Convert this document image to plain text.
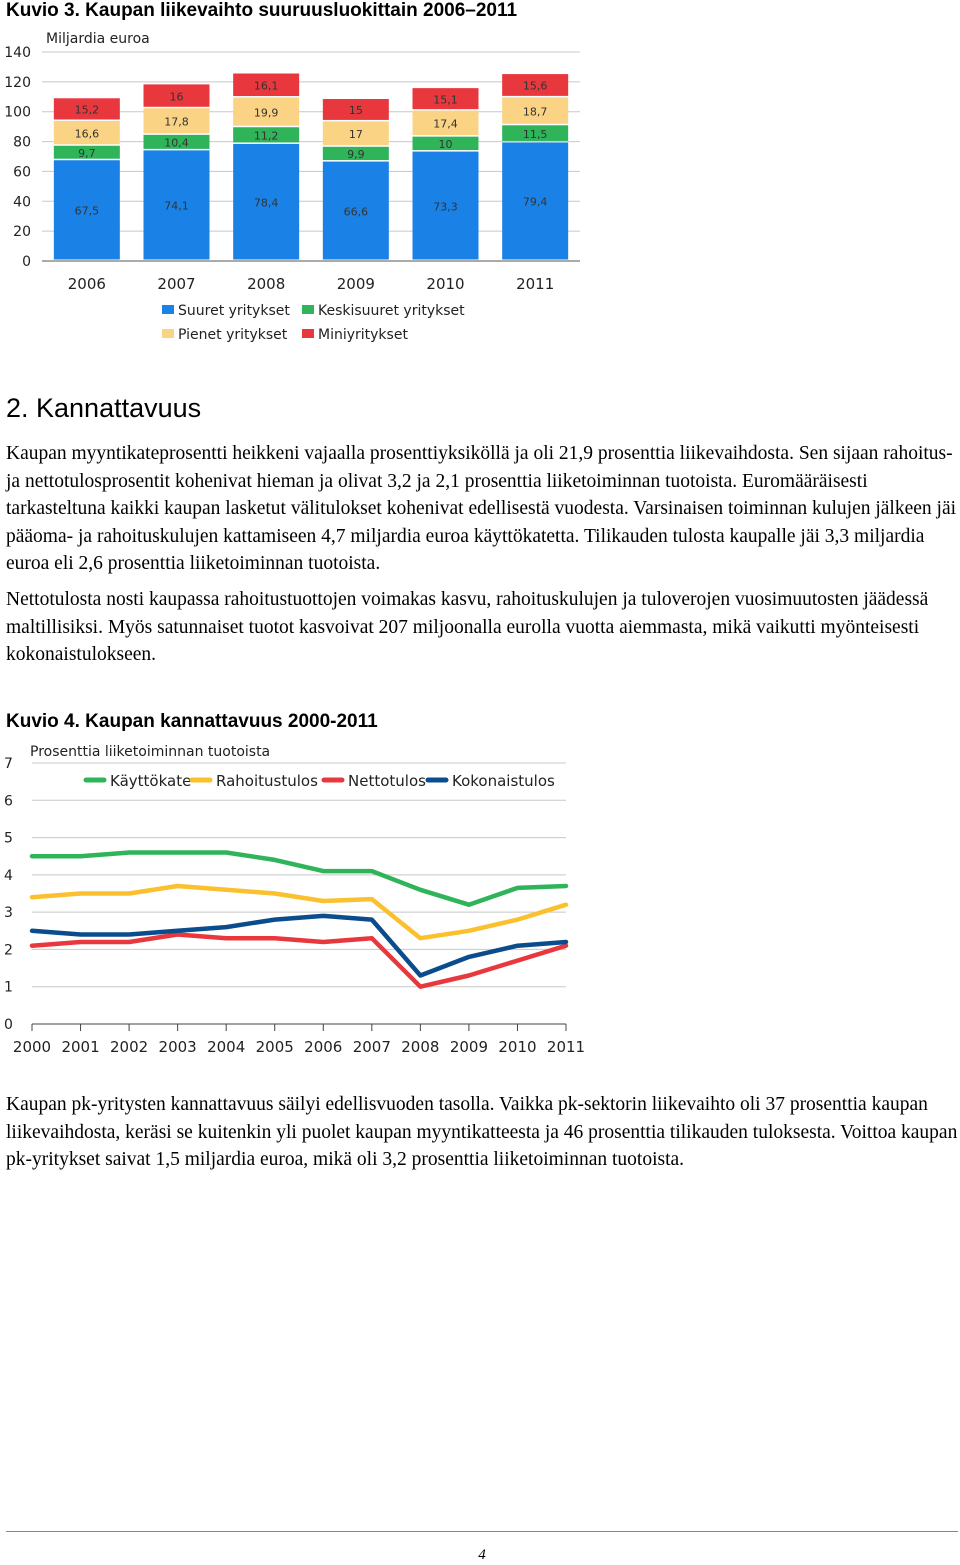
Kuvio 3. Kaupan liikevaihto suuruusluokittain 2006–2011
0
20
40
60
80
100
120
140
Miljardia euroa
67,5
9,7
16,6
15,2
74,1
10,4
17,8
16
78,4
11,2
19,9
16,1
66,6
9,9
17
15
73,3
10
17,4
15,1
79,4
11,5
18,7
15,6
2006	2007	2008	2009	2010	2011
Suuret yritykset Keskisuuret yritykset
Pienet yritykset Miniyritykset
2. Kannattavuus

Kaupan myyntikateprosentti heikkeni vajaalla prosenttiyksiköllä ja oli 21,9 prosenttia liikevaihdosta. Sen sijaan rahoitus- ja nettotulosprosentit kohenivat hieman ja olivat 3,2 ja 2,1 prosenttia liiketoiminnan tuotoista. Euromääräisesti tarkasteltuna kaikki kaupan lasketut välitulokset kohenivat edellisestä vuodesta. Varsinaisen toiminnan kulujen jälkeen jäi pääoma- ja rahoituskulujen kattamiseen 4,7 miljardia euroa käyttökatetta. Tilikauden tulosta kaupalle jäi 3,3 miljardia euroa eli 2,6 prosenttia liiketoiminnan tuotoista.

Nettotulosta nosti kaupassa rahoitustuottojen voimakas kasvu, rahoituskulujen ja tuloverojen vuosimuutosten jäädessä maltillisiksi. Myös satunnaiset tuotot kasvoivat 207 miljoonalla eurolla vuotta aiemmasta, mikä vaikutti myönteisesti kokonaistulokseen.

Kuvio 4. Kaupan kannattavuus 2000-2011
0
1
2
3
4
5
6
7
Prosenttia liiketoiminnan tuotoista
Käyttökate Rahoitustulos Nettotulos Kokonaistulos
2000 2001 2002 2003 2004 2005 2006 2007 2008 2009 2010 2011

Kaupan pk-yritysten kannattavuus säilyi edellisvuoden tasolla. Vaikka pk-sektorin liikevaihto oli 37 prosenttia kaupan liikevaihdosta, keräsi se kuitenkin yli puolet kaupan myyntikatteesta ja 46 prosenttia tilikauden tuloksesta. Voittoa kaupan pk-yritykset saivat 1,5 miljardia euroa, mikä oli 3,2 prosenttia liiketoiminnan tuotoista.

4
